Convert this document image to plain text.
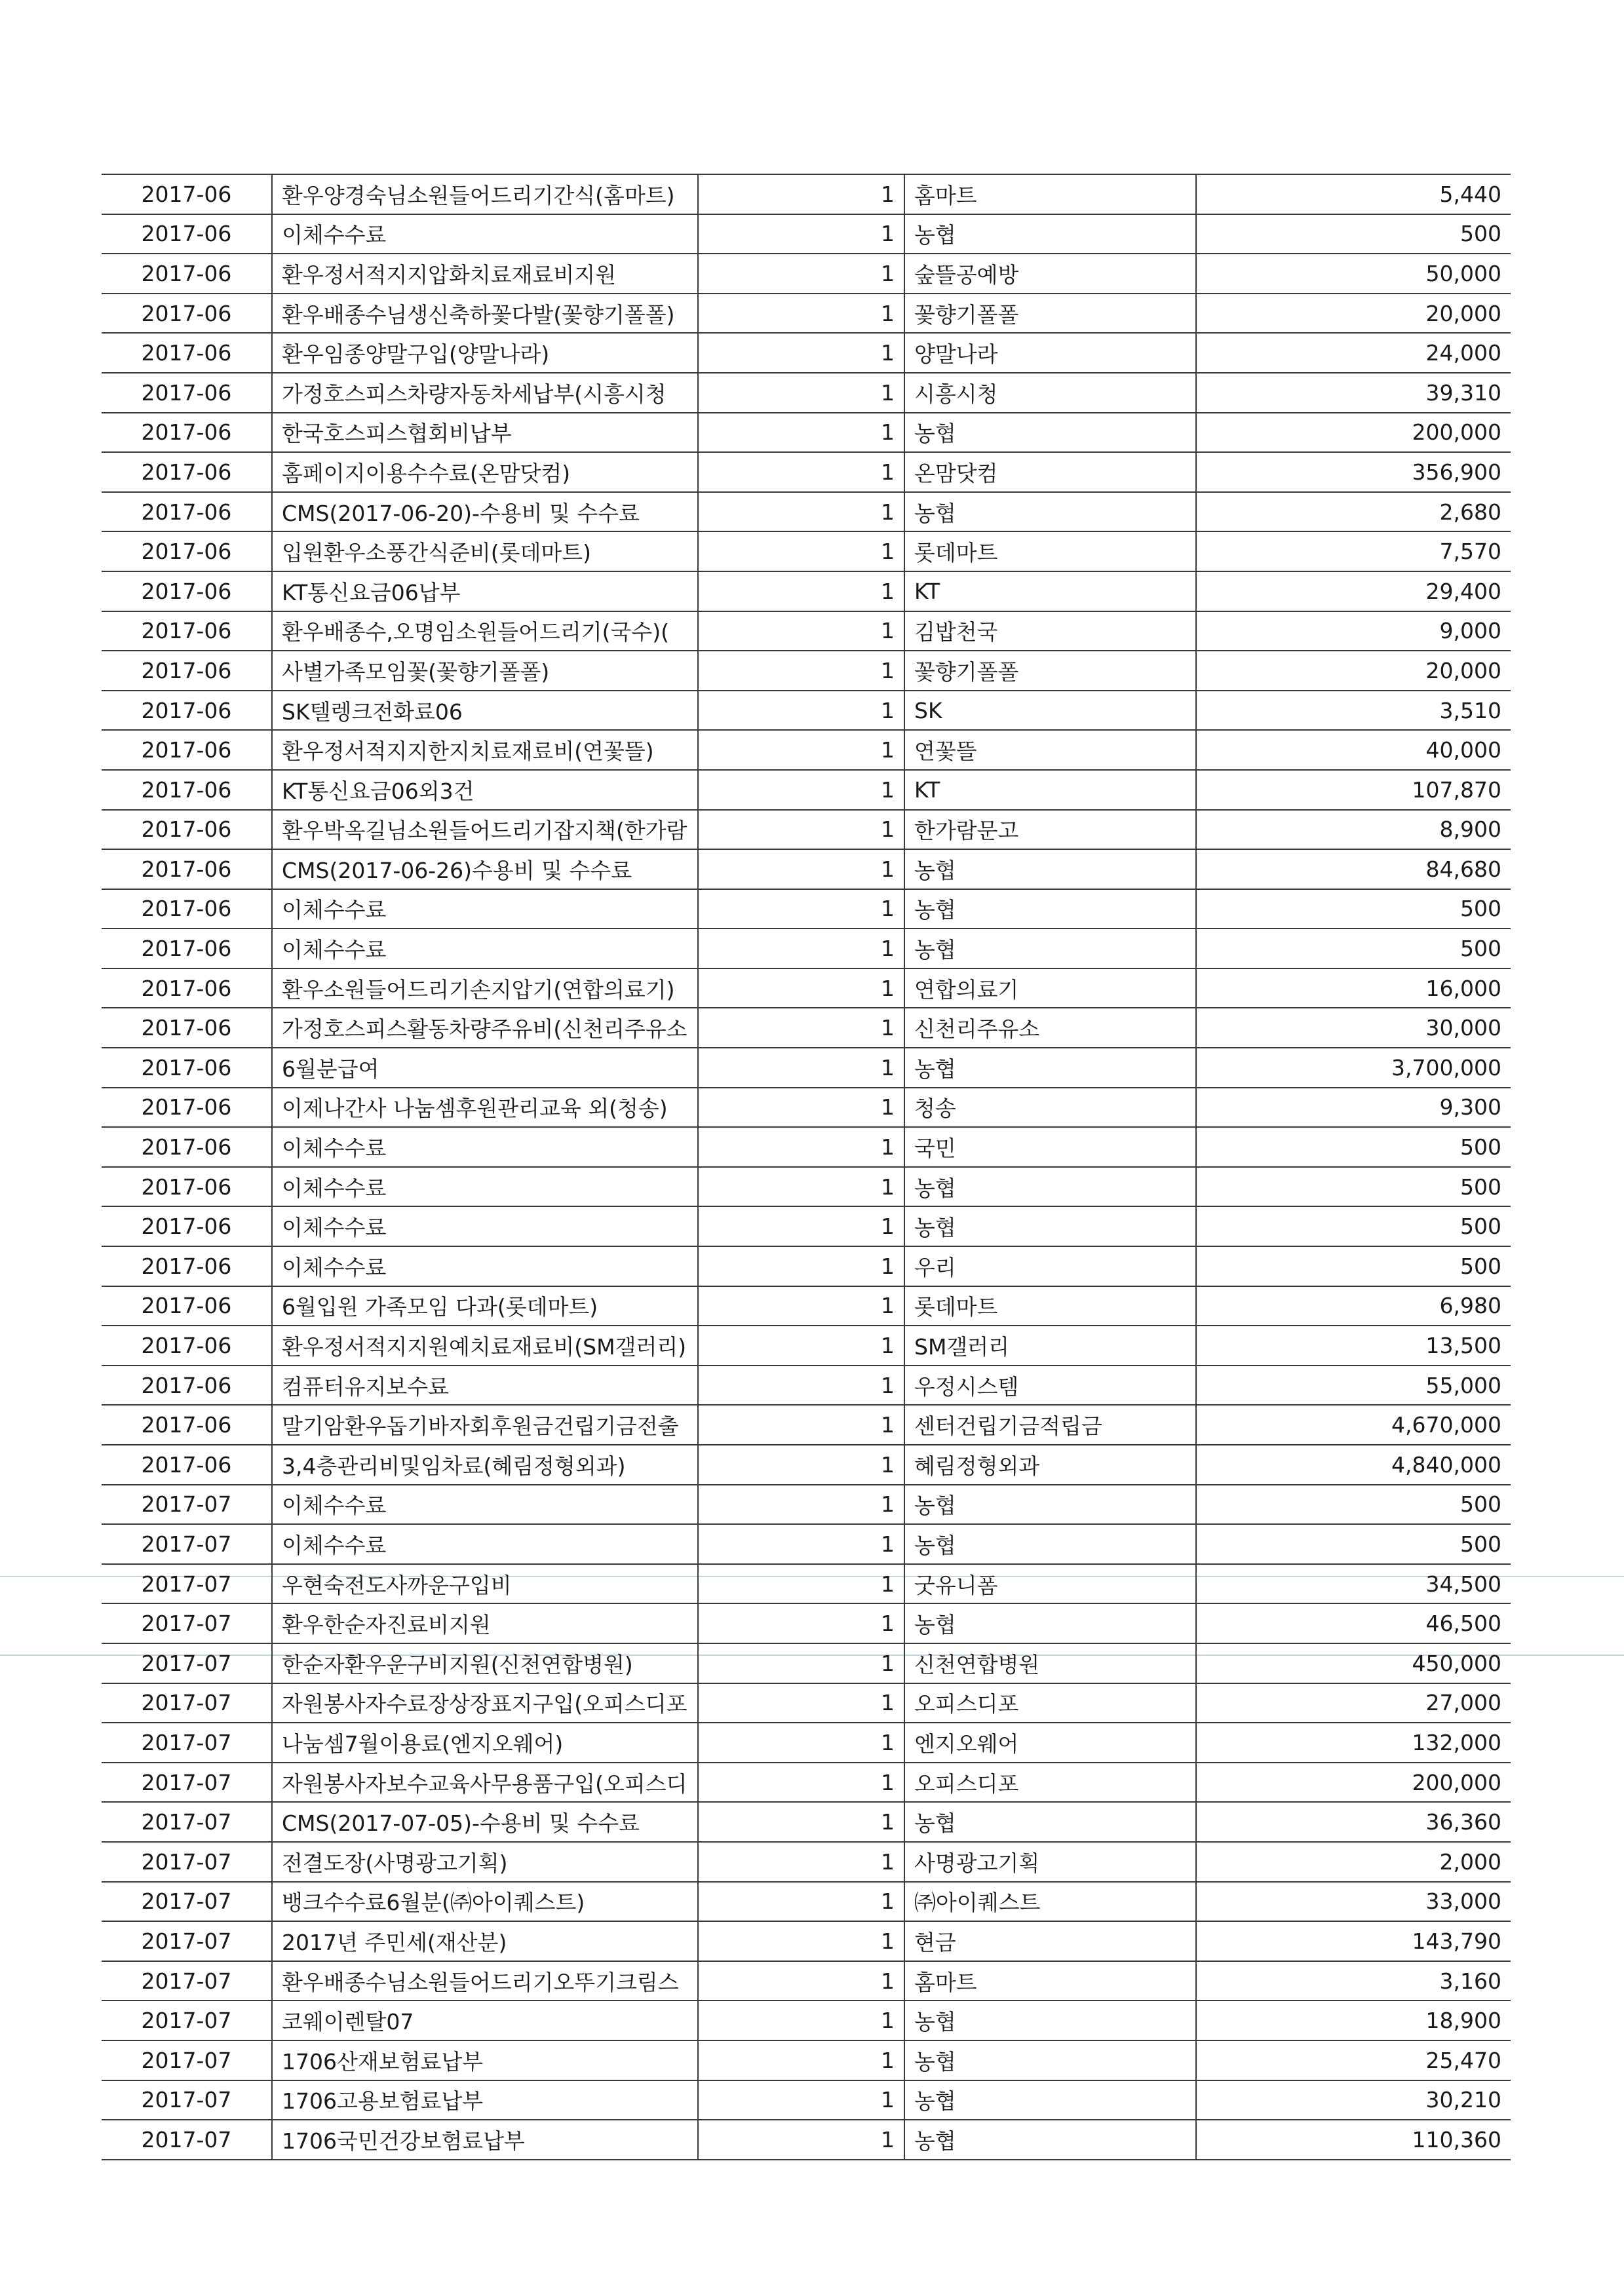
2017-06	환우양경숙님소원들어드리기간식(홈마트)	1	홈마트	5,440
2017-06	이체수수료	1	농협	500
2017-06	환우정서적지지압화치료재료비지원	1	숲뜰공예방	50,000
2017-06	환우배종수님생신축하꽃다발(꽃향기폴폴)	1	꽃향기폴폴	20,000
2017-06	환우임종양말구입(양말나라)	1	양말나라	24,000
2017-06	가정호스피스차량자동차세납부(시흥시청	1	시흥시청	39,310
2017-06	한국호스피스협회비납부	1	농협	200,000
2017-06	홈페이지이용수수료(온맘닷컴)	1	온맘닷컴	356,900
2017-06	CMS(2017-06-20)-수용비 및 수수료	1	농협	2,680
2017-06	입원환우소풍간식준비(롯데마트)	1	롯데마트	7,570
2017-06	KT통신요금06납부	1	KT	29,400
2017-06	환우배종수,오명임소원들어드리기(국수)(	1	김밥천국	9,000
2017-06	사별가족모임꽃(꽃향기폴폴)	1	꽃향기폴폴	20,000
2017-06	SK텔렝크전화료06	1	SK	3,510
2017-06	환우정서적지지한지치료재료비(연꽃뜰)	1	연꽃뜰	40,000
2017-06	KT통신요금06외3건	1	KT	107,870
2017-06	환우박옥길님소원들어드리기잡지책(한가람	1	한가람문고	8,900
2017-06	CMS(2017-06-26)수용비 및 수수료	1	농협	84,680
2017-06	이체수수료	1	농협	500
2017-06	이체수수료	1	농협	500
2017-06	환우소원들어드리기손지압기(연합의료기)	1	연합의료기	16,000
2017-06	가정호스피스활동차량주유비(신천리주유소	1	신천리주유소	30,000
2017-06	6월분급여	1	농협	3,700,000
2017-06	이제나간사 나눔셈후원관리교육 외(청송)	1	청송	9,300
2017-06	이체수수료	1	국민	500
2017-06	이체수수료	1	농협	500
2017-06	이체수수료	1	농협	500
2017-06	이체수수료	1	우리	500
2017-06	6월입원 가족모임 다과(롯데마트)	1	롯데마트	6,980
2017-06	환우정서적지지원예치료재료비(SM갤러리)	1	SM갤러리	13,500
2017-06	컴퓨터유지보수료	1	우정시스템	55,000
2017-06	말기암환우돕기바자회후원금건립기금전출	1	센터건립기금적립금	4,670,000
2017-06	3,4층관리비및임차료(혜림정형외과)	1	혜림정형외과	4,840,000
2017-07	이체수수료	1	농협	500
2017-07	이체수수료	1	농협	500
2017-07	우현숙전도사까운구입비	1	굿유니폼	34,500
2017-07	환우한순자진료비지원	1	농협	46,500
2017-07	한순자환우운구비지원(신천연합병원)	1	신천연합병원	450,000
2017-07	자원봉사자수료장상장표지구입(오피스디포	1	오피스디포	27,000
2017-07	나눔셈7월이용료(엔지오웨어)	1	엔지오웨어	132,000
2017-07	자원봉사자보수교육사무용품구입(오피스디	1	오피스디포	200,000
2017-07	CMS(2017-07-05)-수용비 및 수수료	1	농협	36,360
2017-07	전결도장(사명광고기획)	1	사명광고기획	2,000
2017-07	뱅크수수료6월분(㈜아이퀘스트)	1	㈜아이퀘스트	33,000
2017-07	2017년 주민세(재산분)	1	현금	143,790
2017-07	환우배종수님소원들어드리기오뚜기크림스	1	홈마트	3,160
2017-07	코웨이렌탈07	1	농협	18,900
2017-07	1706산재보험료납부	1	농협	25,470
2017-07	1706고용보험료납부	1	농협	30,210
2017-07	1706국민건강보험료납부	1	농협	110,360
